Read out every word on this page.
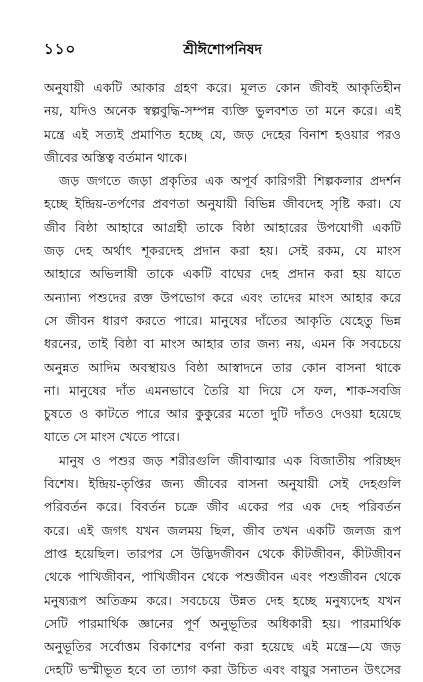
১১০	শ্রীঈশোপনিষদ
অনুযায়ী একটি আকার গ্রহণ করে। মূলত কোন জীবই আকৃতিহীন
নয়, যদিও অনেক স্বল্পবুদ্ধি-সম্পন্ন ব্যক্তি ভুলবশত তা মনে করে। এই
মন্ত্রে এই সত্যই প্রমাণিত হচ্ছে যে, জড় দেহের বিনাশ হওয়ার পরও
জীবের অস্তিত্ব বর্তমান থাকে।
জড় জগতে জড়া প্রকৃতির এক অপূর্ব কারিগরী শিল্পকলার প্রদর্শন
হচ্ছে ইন্দ্রিয়-তর্পণের প্রবণতা অনুযায়ী বিভিন্ন জীবদেহ সৃষ্টি করা। যে
জীব বিষ্ঠা আহারে আগ্রহী তাকে বিষ্ঠা আহারের উপযোগী একটি
জড় দেহ অর্থাৎ শূকরদেহ প্রদান করা হয়। সেই রকম, যে মাংস
আহারে অভিলাষী তাকে একটি বাঘের দেহ প্রদান করা হয় যাতে
অন্যান্য পশুদের রক্ত উপভোগ করে এবং তাদের মাংস আহার করে
সে জীবন ধারণ করতে পারে। মানুষের দাঁতের আকৃতি যেহেতু ভিন্ন
ধরনের, তাই বিষ্ঠা বা মাংস আহার তার জন্য নয়, এমন কি সবচেয়ে
অনুন্নত আদিম অবস্থায়ও বিষ্ঠা আস্বাদনে তার কোন বাসনা থাকে
না। মানুষের দাঁত এমনভাবে তৈরি যা দিয়ে সে ফল, শাক-সবজি
চুষতে ও কাটতে পারে আর কুকুরের মতো দুটি দাঁতও দেওয়া হয়েছে
যাতে সে মাংস খেতে পারে।
মানুষ ও পশুর জড় শরীরগুলি জীবাত্মার এক বিজাতীয় পরিচ্ছদ
বিশেষ। ইন্দ্রিয়-তৃপ্তির জন্য জীবের বাসনা অনুযায়ী সেই দেহগুলি
পরিবর্তন করে। বিবর্তন চক্রে জীব একের পর এক দেহ পরিবর্তন
করে। এই জগৎ যখন জলময় ছিল, জীব তখন একটি জলজ রূপ
প্রাপ্ত হয়েছিল। তারপর সে উদ্ভিদজীবন থেকে কীটজীবন, কীটজীবন
থেকে পাখিজীবন, পাখিজীবন থেকে পশুজীবন এবং পশুজীবন থেকে
মনুষ্যরূপ অতিক্রম করে। সবচেয়ে উন্নত দেহ হচ্ছে মনুষ্যদেহ যখন
সেটি পারমার্থিক জ্ঞানের পূর্ণ অনুভূতির অধিকারী হয়। পারমার্থিক
অনুভূতির সর্বোত্তম বিকাশের বর্ণনা করা হয়েছে এই মন্ত্রে—যে জড়
দেহটি ভস্মীভূত হবে তা ত্যাগ করা উচিত এবং বায়ুর সনাতন উৎসের
